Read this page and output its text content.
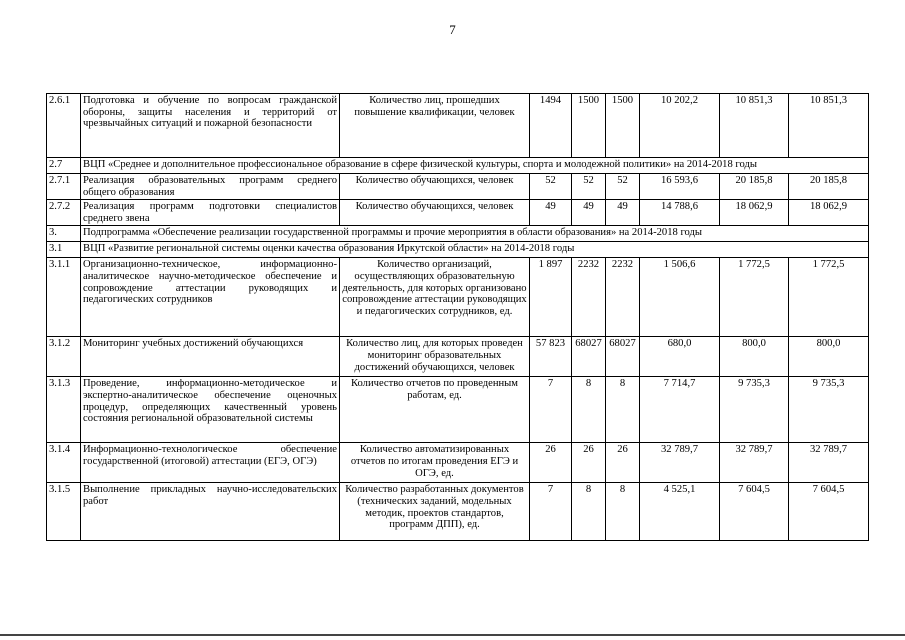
7
2.6.1	Подготовка и обучение по вопросам гражданской обороны, защиты населения и территорий от чрезвычайных ситуаций и пожарной безопасности	Количество лиц, прошедших повышение квалификации, человек	1494	1500	1500	10 202,2	10 851,3	10 851,3
2.7	ВЦП «Среднее и дополнительное профессиональное образование в сфере физической культуры, спорта и молодежной политики» на 2014-2018 годы							
2.7.1	Реализация образовательных программ среднего общего образования	Количество обучающихся, человек	52	52	52	16 593,6	20 185,8	20 185,8
2.7.2	Реализация программ подготовки специалистов среднего звена	Количество обучающихся, человек	49	49	49	14 788,6	18 062,9	18 062,9
3.	Подпрограмма «Обеспечение реализации государственной программы и прочие мероприятия в области образования» на 2014-2018 годы							
3.1	ВЦП «Развитие региональной системы оценки качества образования Иркутской области» на 2014-2018 годы							
3.1.1	Организационно-техническое, информационно-аналитическое научно-методическое обеспечение и сопровождение аттестации руководящих и педагогических сотрудников	Количество организаций, осуществляющих образовательную деятельность, для которых организовано сопровождение аттестации руководящих и педагогических сотрудников, ед.	1 897	2232	2232	1 506,6	1 772,5	1 772,5
3.1.2	Мониторинг учебных достижений обучающихся	Количество лиц, для которых проведен мониторинг образовательных достижений обучающихся, человек	57 823	68027	68027	680,0	800,0	800,0
3.1.3	Проведение, информационно-методическое и экспертно-аналитическое обеспечение оценочных процедур, определяющих качественный уровень состояния региональной образовательной системы	Количество отчетов по проведенным работам, ед.	7	8	8	7 714,7	9 735,3	9 735,3
3.1.4	Информационно-технологическое обеспечение государственной (итоговой) аттестации (ЕГЭ, ОГЭ)	Количество автоматизированных отчетов по итогам проведения ЕГЭ и ОГЭ, ед.	26	26	26	32 789,7	32 789,7	32 789,7
3.1.5	Выполнение прикладных научно-исследовательских работ	Количество разработанных документов (технических заданий, модельных методик, проектов стандартов, программ ДПП), ед.	7	8	8	4 525,1	7 604,5	7 604,5
